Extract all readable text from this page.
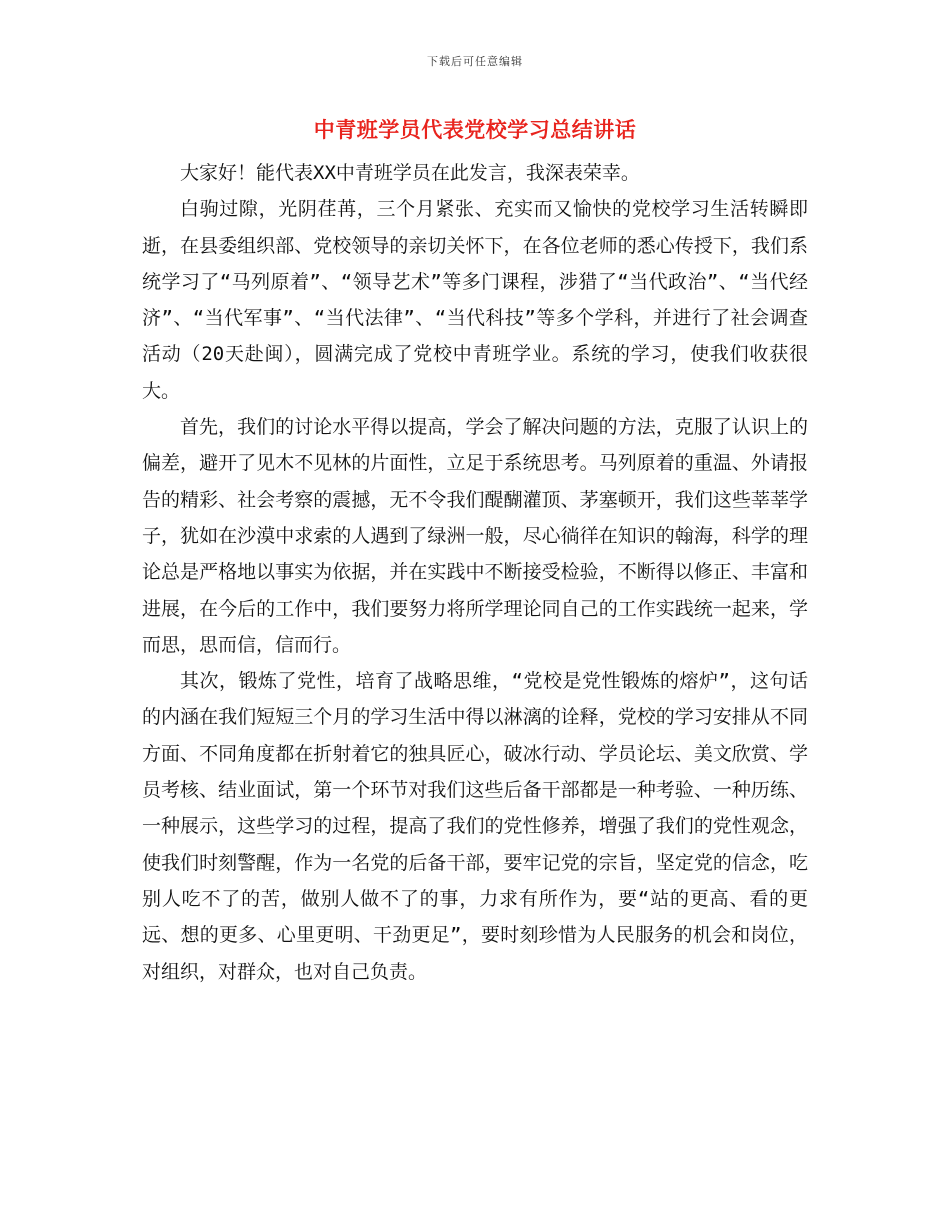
下载后可任意编辑
中青班学员代表党校学习总结讲话

大家好！能代表XX中青班学员在此发言，我深表荣幸。

白驹过隙，光阴荏苒，三个月紧张、充实而又愉快的党校学习生活转瞬即逝，在县委组织部、党校领导的亲切关怀下，在各位老师的悉心传授下，我们系统学习了“马列原着”、“领导艺术”等多门课程，涉猎了“当代政治”、“当代经济”、“当代军事”、“当代法律”、“当代科技”等多个学科，并进行了社会调查活动（20天赴闽），圆满完成了党校中青班学业。系统的学习，使我们收获很大。

首先，我们的讨论水平得以提高，学会了解决问题的方法，克服了认识上的偏差，避开了见木不见林的片面性，立足于系统思考。马列原着的重温、外请报告的精彩、社会考察的震撼，无不令我们醍醐灌顶、茅塞顿开，我们这些莘莘学子，犹如在沙漠中求索的人遇到了绿洲一般，尽心徜徉在知识的翰海，科学的理论总是严格地以事实为依据，并在实践中不断接受检验，不断得以修正、丰富和进展，在今后的工作中，我们要努力将所学理论同自己的工作实践统一起来，学而思，思而信，信而行。

其次，锻炼了党性，培育了战略思维，“党校是党性锻炼的熔炉”，这句话的内涵在我们短短三个月的学习生活中得以淋漓的诠释，党校的学习安排从不同方面、不同角度都在折射着它的独具匠心，破冰行动、学员论坛、美文欣赏、学员考核、结业面试，第一个环节对我们这些后备干部都是一种考验、一种历练、一种展示，这些学习的过程，提高了我们的党性修养，增强了我们的党性观念，使我们时刻警醒，作为一名党的后备干部，要牢记党的宗旨，坚定党的信念，吃别人吃不了的苦，做别人做不了的事，力求有所作为，要“站的更高、看的更远、想的更多、心里更明、干劲更足”，要时刻珍惜为人民服务的机会和岗位，对组织，对群众，也对自己负责。
